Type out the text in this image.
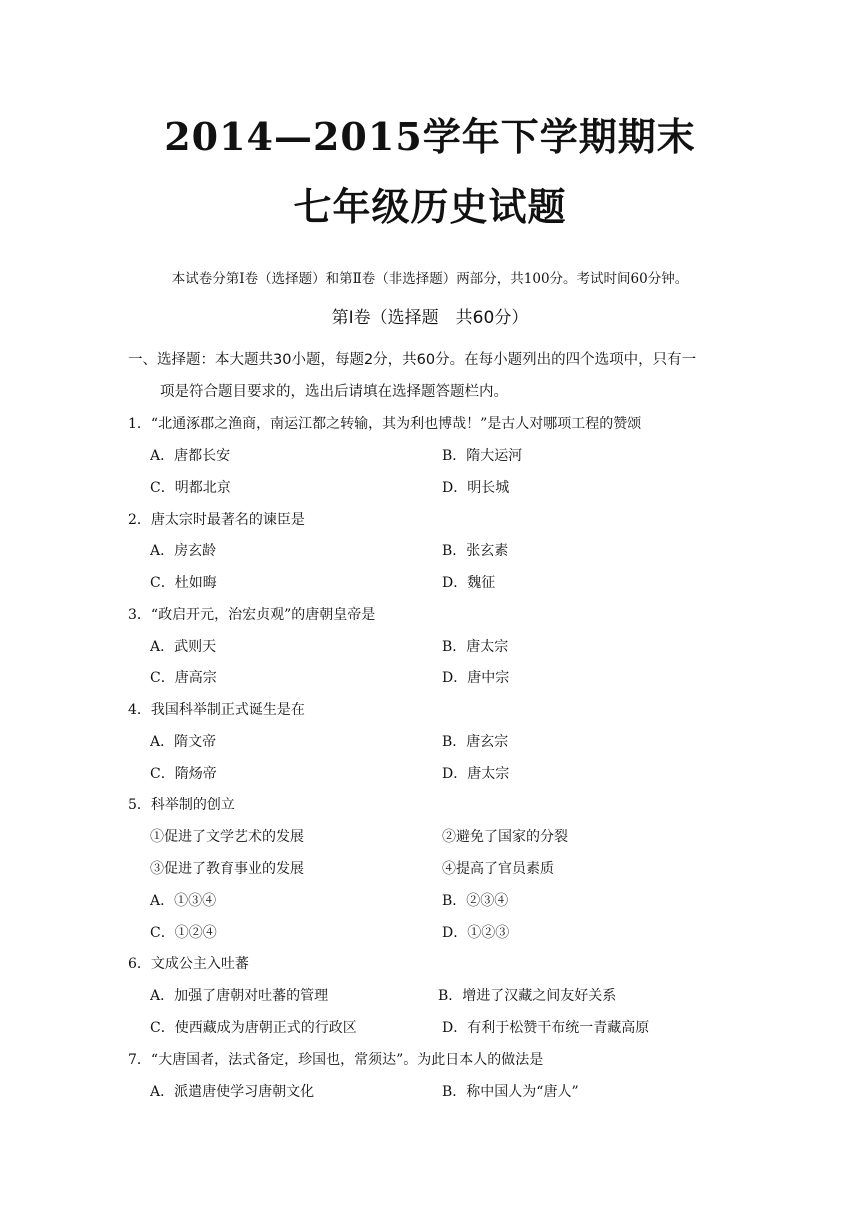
2014—2015学年下学期期末
七年级历史试题
本试卷分第Ⅰ卷（选择题）和第Ⅱ卷（非选择题）两部分，共100分。考试时间60分钟。
第Ⅰ卷（选择题　共60分）
一、选择题：本大题共30小题，每题2分，共60分。在每小题列出的四个选项中，只有一
项是符合题目要求的，选出后请填在选择题答题栏内。
1．“北通涿郡之渔商，南运江都之转输，其为利也博哉！”是古人对哪项工程的赞颂
A．唐都长安	B．隋大运河
C．明都北京	D．明长城
2．唐太宗时最著名的谏臣是
A．房玄龄	B．张玄素
C．杜如晦	D．魏征
3．“政启开元，治宏贞观”的唐朝皇帝是
A．武则天	B．唐太宗
C．唐高宗	D．唐中宗
4．我国科举制正式诞生是在
A．隋文帝	B．唐玄宗
C．隋炀帝	D．唐太宗
5．科举制的创立
①促进了文学艺术的发展	②避免了国家的分裂
③促进了教育事业的发展	④提高了官员素质
A．①③④	B．②③④
C．①②④	D．①②③
6．文成公主入吐蕃
A．加强了唐朝对吐蕃的管理	B．增进了汉藏之间友好关系
C．使西藏成为唐朝正式的行政区	D．有利于松赞干布统一青藏高原
7．“大唐国者，法式备定，珍国也，常须达”。为此日本人的做法是
A．派遣唐使学习唐朝文化	B．称中国人为“唐人”
